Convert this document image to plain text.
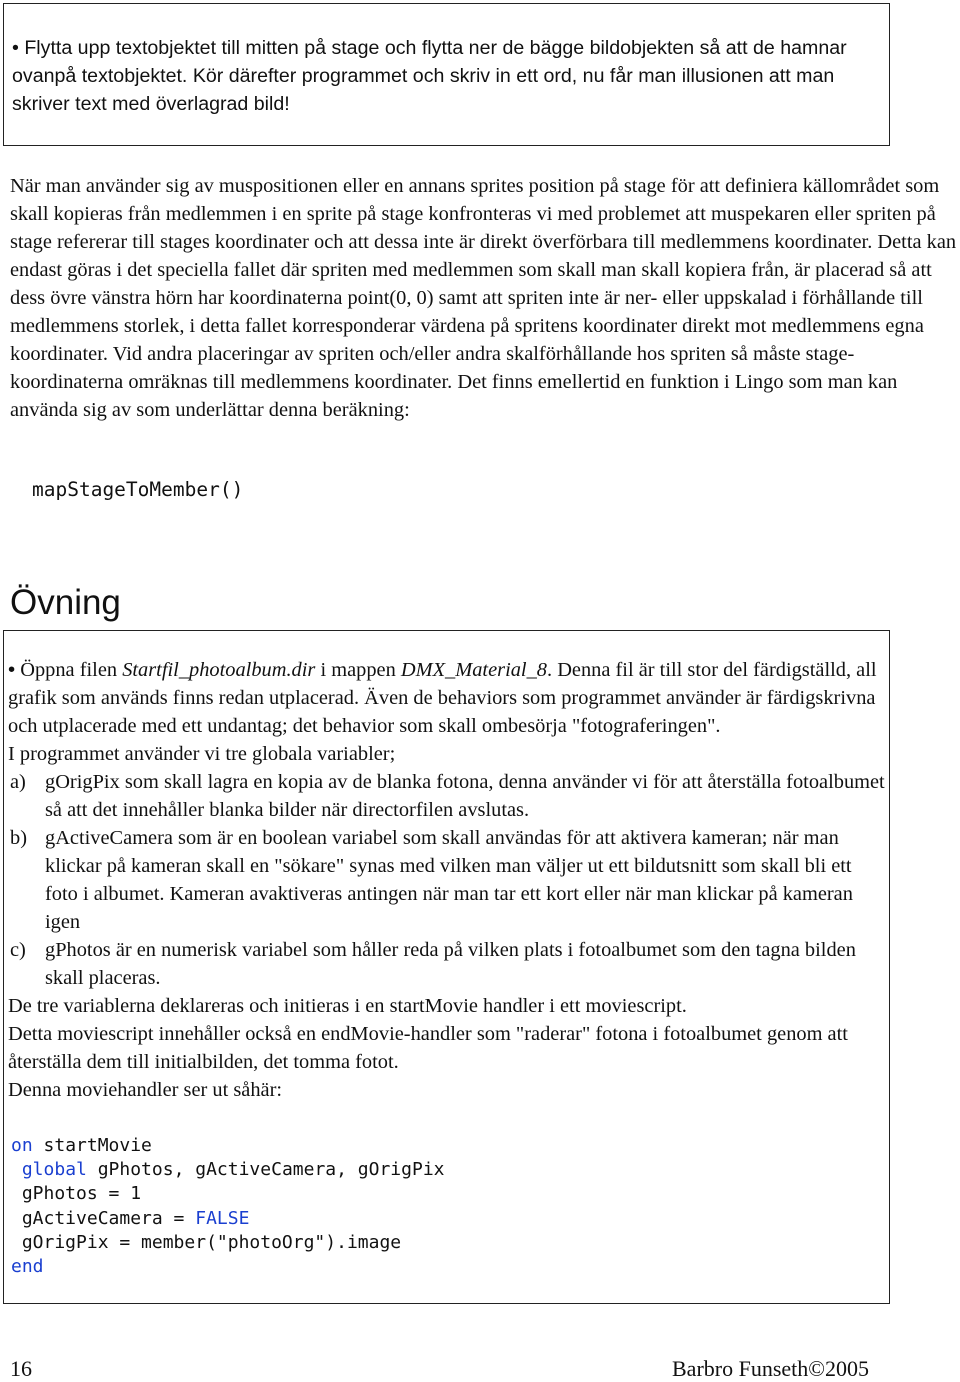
• Flytta upp textobjektet till mitten på stage och flytta ner de bägge bildobjekten så att de hamnar ovanpå textobjektet. Kör därefter programmet och skriv in ett ord, nu får man illusionen att man skriver text med överlagrad bild!
När man använder sig av muspositionen eller en annans sprites position på stage för att definiera källområdet som skall kopieras från medlemmen i en sprite på stage konfronteras vi med problemet att muspekaren eller spriten på stage refererar till stages koordinater och att dessa inte är direkt överförbara till medlemmens koordinater. Detta kan endast göras i det speciella fallet där spriten med medlemmen som skall man skall kopiera från, är placerad så att dess övre vänstra hörn har koordinaterna point(0, 0) samt att spriten inte är ner- eller uppskalad i förhållande till medlemmens storlek, i detta fallet korresponderar värdena på spritens koordinater direkt mot medlemmens egna koordinater. Vid andra placeringar av spriten och/eller andra skalförhållande hos spriten så måste stage-koordinaterna omräknas till medlemmens koordinater. Det finns emellertid en funktion i Lingo som man kan använda sig av som underlättar denna beräkning:
mapStageToMember()
Övning
• Öppna filen Startfil_photoalbum.dir i mappen DMX_Material_8. Denna fil är till stor del färdigställd, all grafik som används finns redan utplacerad. Även de behaviors som programmet använder är färdigskrivna och utplacerade med ett undantag; det behavior som skall ombesörja "fotograferingen".
I programmet använder vi tre globala variabler;
a) gOrigPix som skall lagra en kopia av de blanka fotona, denna använder vi för att återställa fotoalbumet så att det innehåller blanka bilder när directorfilen avslutas.
b) gActiveCamera som är en boolean variabel som skall användas för att aktivera kameran; när man klickar på kameran skall en "sökare" synas med vilken man väljer ut ett bildutsnitt som skall bli ett foto i albumet. Kameran avaktiveras antingen när man tar ett kort eller när man klickar på kameran igen
c) gPhotos är en numerisk variabel som håller reda på vilken plats i fotoalbumet som den tagna bilden skall placeras.
De tre variablerna deklareras och initieras i en startMovie handler i ett moviescript.
Detta moviescript innehåller också en endMovie-handler som "raderar" fotona i fotoalbumet genom att återställa dem till initialbilden, det tomma fotot.
Denna moviehandler ser ut såhär:
on startMovie
global gPhotos, gActiveCamera, gOrigPix
gPhotos = 1
gActiveCamera = FALSE
gOrigPix = member("photoOrg").image
end
16	Barbro Funseth©2005
